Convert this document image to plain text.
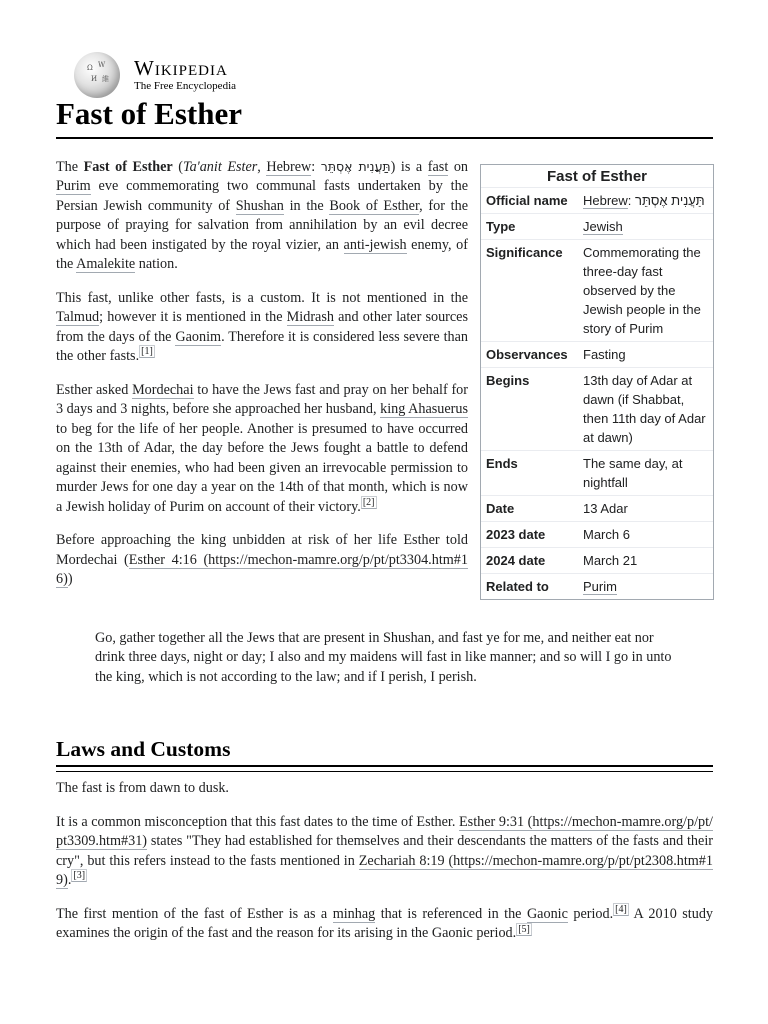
Ω W
И 維 Wikipedia
The Free Encyclopedia
Fast of Esther
Fast of Esther
Official name	Hebrew: תַּעֲנִית אֶסְתֵּר
Type	Jewish
Significance	Commemorating the three-day fast observed by the Jewish people in the story of Purim
Observances	Fasting
Begins	13th day of Adar at dawn (if Shabbat, then 11th day of Adar at dawn)
Ends	The same day, at nightfall
Date	13 Adar
2023 date	March 6
2024 date	March 21
Related to	Purim

The Fast of Esther (Ta'anit Ester, Hebrew: תַּעֲנִית אֶסְתֵּר) is a fast on Purim eve commemorating two communal fasts undertaken by the Persian Jewish community of Shushan in the Book of Esther, for the purpose of praying for salvation from annihilation by an evil decree which had been instigated by the royal vizier, an anti-jewish enemy, of the Amalekite nation.

This fast, unlike other fasts, is a custom. It is not mentioned in the Talmud; however it is mentioned in the Midrash and other later sources from the days of the Gaonim. Therefore it is considered less severe than the other fasts. [1]

Esther asked Mordechai to have the Jews fast and pray on her behalf for 3 days and 3 nights, before she approached her husband, king Ahasuerus to beg for the life of her people. Another is presumed to have occurred on the 13th of Adar, the day before the Jews fought a battle to defend against their enemies, who had been given an irrevocable permission to murder Jews for one day a year on the 14th of that month, which is now a Jewish holiday of Purim on account of their victory. [2]

Before approaching the king unbidden at risk of her life Esther told Mordechai (Esther 4:16 (https://mechon-mamre.org/p/pt/pt3304.htm#16))

Go, gather together all the Jews that are present in Shushan, and fast ye for me, and neither eat nor drink three days, night or day; I also and my maidens will fast in like manner; and so will I go in unto the king, which is not according to the law; and if I perish, I perish.
Laws and Customs

The fast is from dawn to dusk.

It is a common misconception that this fast dates to the time of Esther. Esther 9:31 (https://mechon-mamre.org/p/pt/pt3309.htm#31) states "They had established for themselves and their descendants the matters of the fasts and their cry", but this refers instead to the fasts mentioned in Zechariah 8:19 (https://mechon-mamre.org/p/pt/pt2308.htm#19). [3]

The first mention of the fast of Esther is as a minhag that is referenced in the Gaonic period. [4] A 2010 study examines the origin of the fast and the reason for its arising in the Gaonic period. [5]
